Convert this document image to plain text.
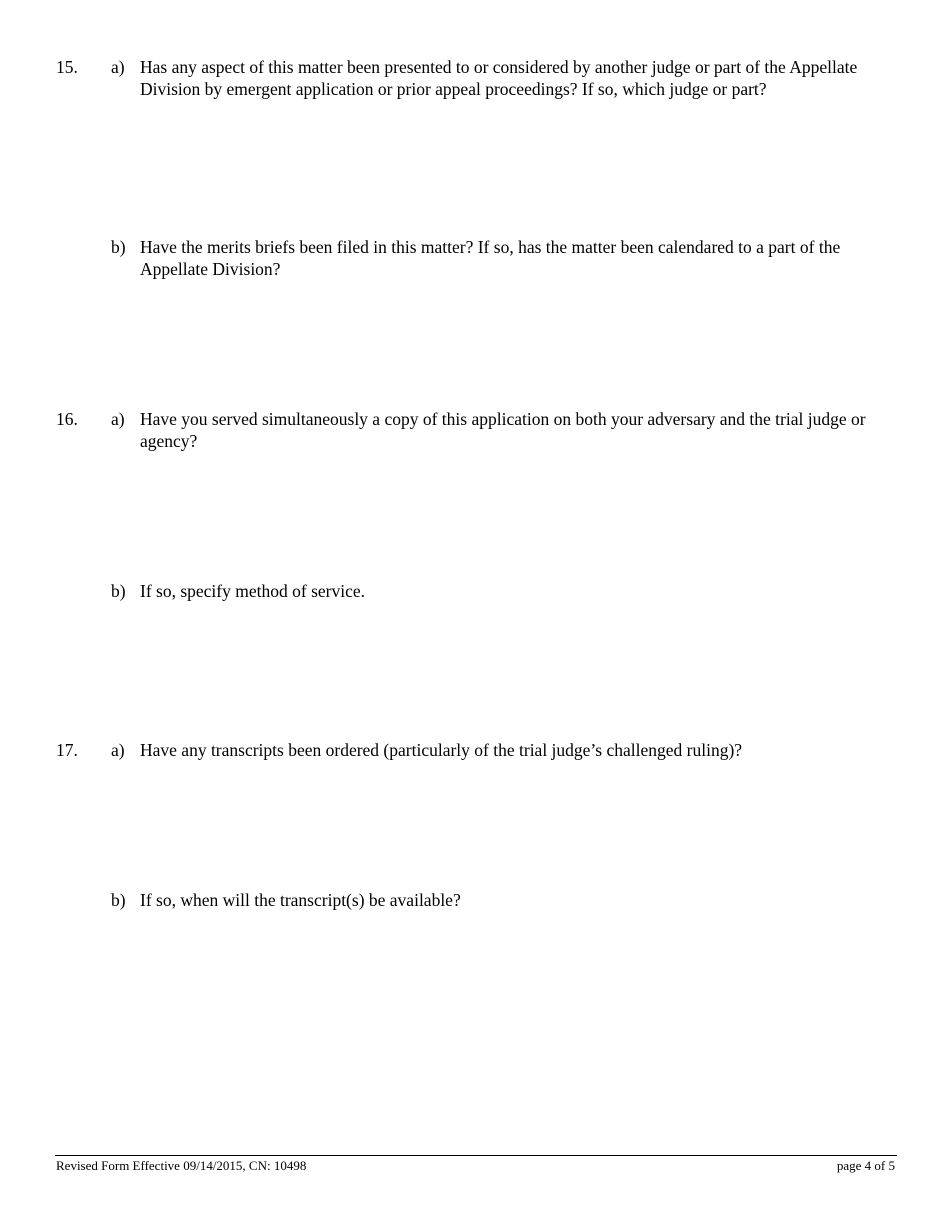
15. a) Has any aspect of this matter been presented to or considered by another judge or part of the Appellate Division by emergent application or prior appeal proceedings? If so, which judge or part?
b) Have the merits briefs been filed in this matter? If so, has the matter been calendared to a part of the Appellate Division?
16. a) Have you served simultaneously a copy of this application on both your adversary and the trial judge or agency?
b) If so, specify method of service.
17. a) Have any transcripts been ordered (particularly of the trial judge’s challenged ruling)?
b) If so, when will the transcript(s) be available?
Revised Form Effective 09/14/2015, CN: 10498	page 4 of 5
